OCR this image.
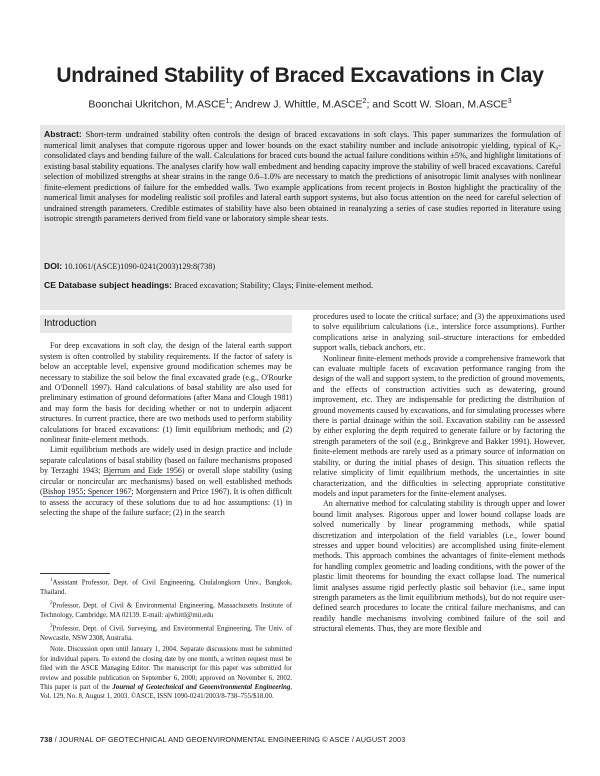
Undrained Stability of Braced Excavations in Clay
Boonchai Ukritchon, M.ASCE$^1$; Andrew J. Whittle, M.ASCE$^2$; and Scott W. Sloan, M.ASCE$^3$
Abstract: Short-term undrained stability often controls the design of braced excavations in soft clays. This paper summarizes the formulation of numerical limit analyses that compute rigorous upper and lower bounds on the exact stability number and include anisotropic yielding, typical of K₀-consolidated clays and bending failure of the wall. Calculations for braced cuts bound the actual failure conditions within ±5%, and highlight limitations of existing basal stability equations. The analyses clarify how wall embedment and bending capacity improve the stability of well braced excavations. Careful selection of mobilized strengths at shear strains in the range 0.6–1.0% are necessary to match the predictions of anisotropic limit analyses with nonlinear finite-element predictions of failure for the embedded walls. Two example applications from recent projects in Boston highlight the practicality of the numerical limit analyses for modeling realistic soil profiles and lateral earth support systems, but also focus attention on the need for careful selection of undrained strength parameters. Credible estimates of stability have also been obtained in reanalyzing a series of case studies reported in literature using isotropic strength parameters derived from field vane or laboratory simple shear tests.
DOI: 10.1061/(ASCE)1090-0241(2003)129:8(738)
CE Database subject headings: Braced excavation; Stability; Clays; Finite-element method.
Introduction

For deep excavations in soft clay, the design of the lateral earth support system is often controlled by stability requirements. If the factor of safety is below an acceptable level, expensive ground modification schemes may be necessary to stabilize the soil below the final excavated grade (e.g., O'Rourke and O'Donnell 1997). Hand calculations of basal stability are also used for preliminary estimation of ground deformations (after Mana and Clough 1981) and may form the basis for deciding whether or not to underpin adjacent structures. In current practice, there are two methods used to perform stability calculations for braced excavations: (1) limit equilibrium methods; and (2) nonlinear finite-element methods.

Limit equilibrium methods are widely used in design practice and include separate calculations of basal stability (based on failure mechanisms proposed by Terzaghi 1943; Bjerrum and Eide 1956) or overall slope stability (using circular or noncircular arc mechanisms) based on well established methods (Bishop 1955; Spencer 1967; Morgenstern and Price 1967). It is often difficult to assess the accuracy of these solutions due to ad hoc assumptions: (1) in selecting the shape of the failure surface; (2) in the search

procedures used to locate the critical surface; and (3) the approximations used to solve equilibrium calculations (i.e., interslice force assumptions). Further complications arise in analyzing soil–structure interactions for embedded support walls, tieback anchors, etc.

Nonlinear finite-element methods provide a comprehensive framework that can evaluate multiple facets of excavation performance ranging from the design of the wall and support system, to the prediction of ground movements, and the effects of construction activities such as dewatering, ground improvement, etc. They are indispensable for predicting the distribution of ground movements caused by excavations, and for simulating processes where there is partial drainage within the soil. Excavation stability can be assessed by either exploring the depth required to generate failure or by factoring the strength parameters of the soil (e.g., Brinkgreve and Bakker 1991). However, finite-element methods are rarely used as a primary source of information on stability, or during the initial phases of design. This situation reflects the relative simplicity of limit equilibrium methods, the uncertainties in site characterization, and the difficulties in selecting appropriate constitutive models and input parameters for the finite-element analyses.

An alternative method for calculating stability is through upper and lower bound limit analyses. Rigorous upper and lower bound collapse loads are solved numerically by linear programming methods, while spatial discretization and interpolation of the field variables (i.e., lower bound stresses and upper bound velocities) are accomplished using finite-element methods. This approach combines the advantages of finite-element methods for handling complex geometric and loading conditions, with the power of the plastic limit theorems for bounding the exact collapse load. The numerical limit analyses assume rigid perfectly plastic soil behavior (i.e., same input strength parameters as the limit equilibrium methods), but do not require user-defined search procedures to locate the critical failure mechanisms, and can readily handle mechanisms involving combined failure of the soil and structural elements. Thus, they are more flexible and

$^1$Assistant Professor, Dept. of Civil Engineering, Chulalongkorn Univ., Bangkok, Thailand.

$^2$Professor, Dept. of Civil & Environmental Engineering, Massachusetts Institute of Technology, Cambridge, MA 02139. E-mail: ajwhittl@mit.edu

$^3$Professor, Dept. of Civil, Surveying, and Environmental Engineering, The Univ. of Newcastle, NSW 2308, Australia.

Note. Discussion open until January 1, 2004. Separate discussions must be submitted for individual papers. To extend the closing date by one month, a written request must be filed with the ASCE Managing Editor. The manuscript for this paper was submitted for review and possible publication on September 6, 2000; approved on November 6, 2002. This paper is part of the Journal of Geotechnical and Geoenvironmental Engineering, Vol. 129, No. 8, August 1, 2003. ©ASCE, ISSN 1090-0241/2003/8-738–755/$18.00.

738 / JOURNAL OF GEOTECHNICAL AND GEOENVIRONMENTAL ENGINEERING © ASCE / AUGUST 2003
